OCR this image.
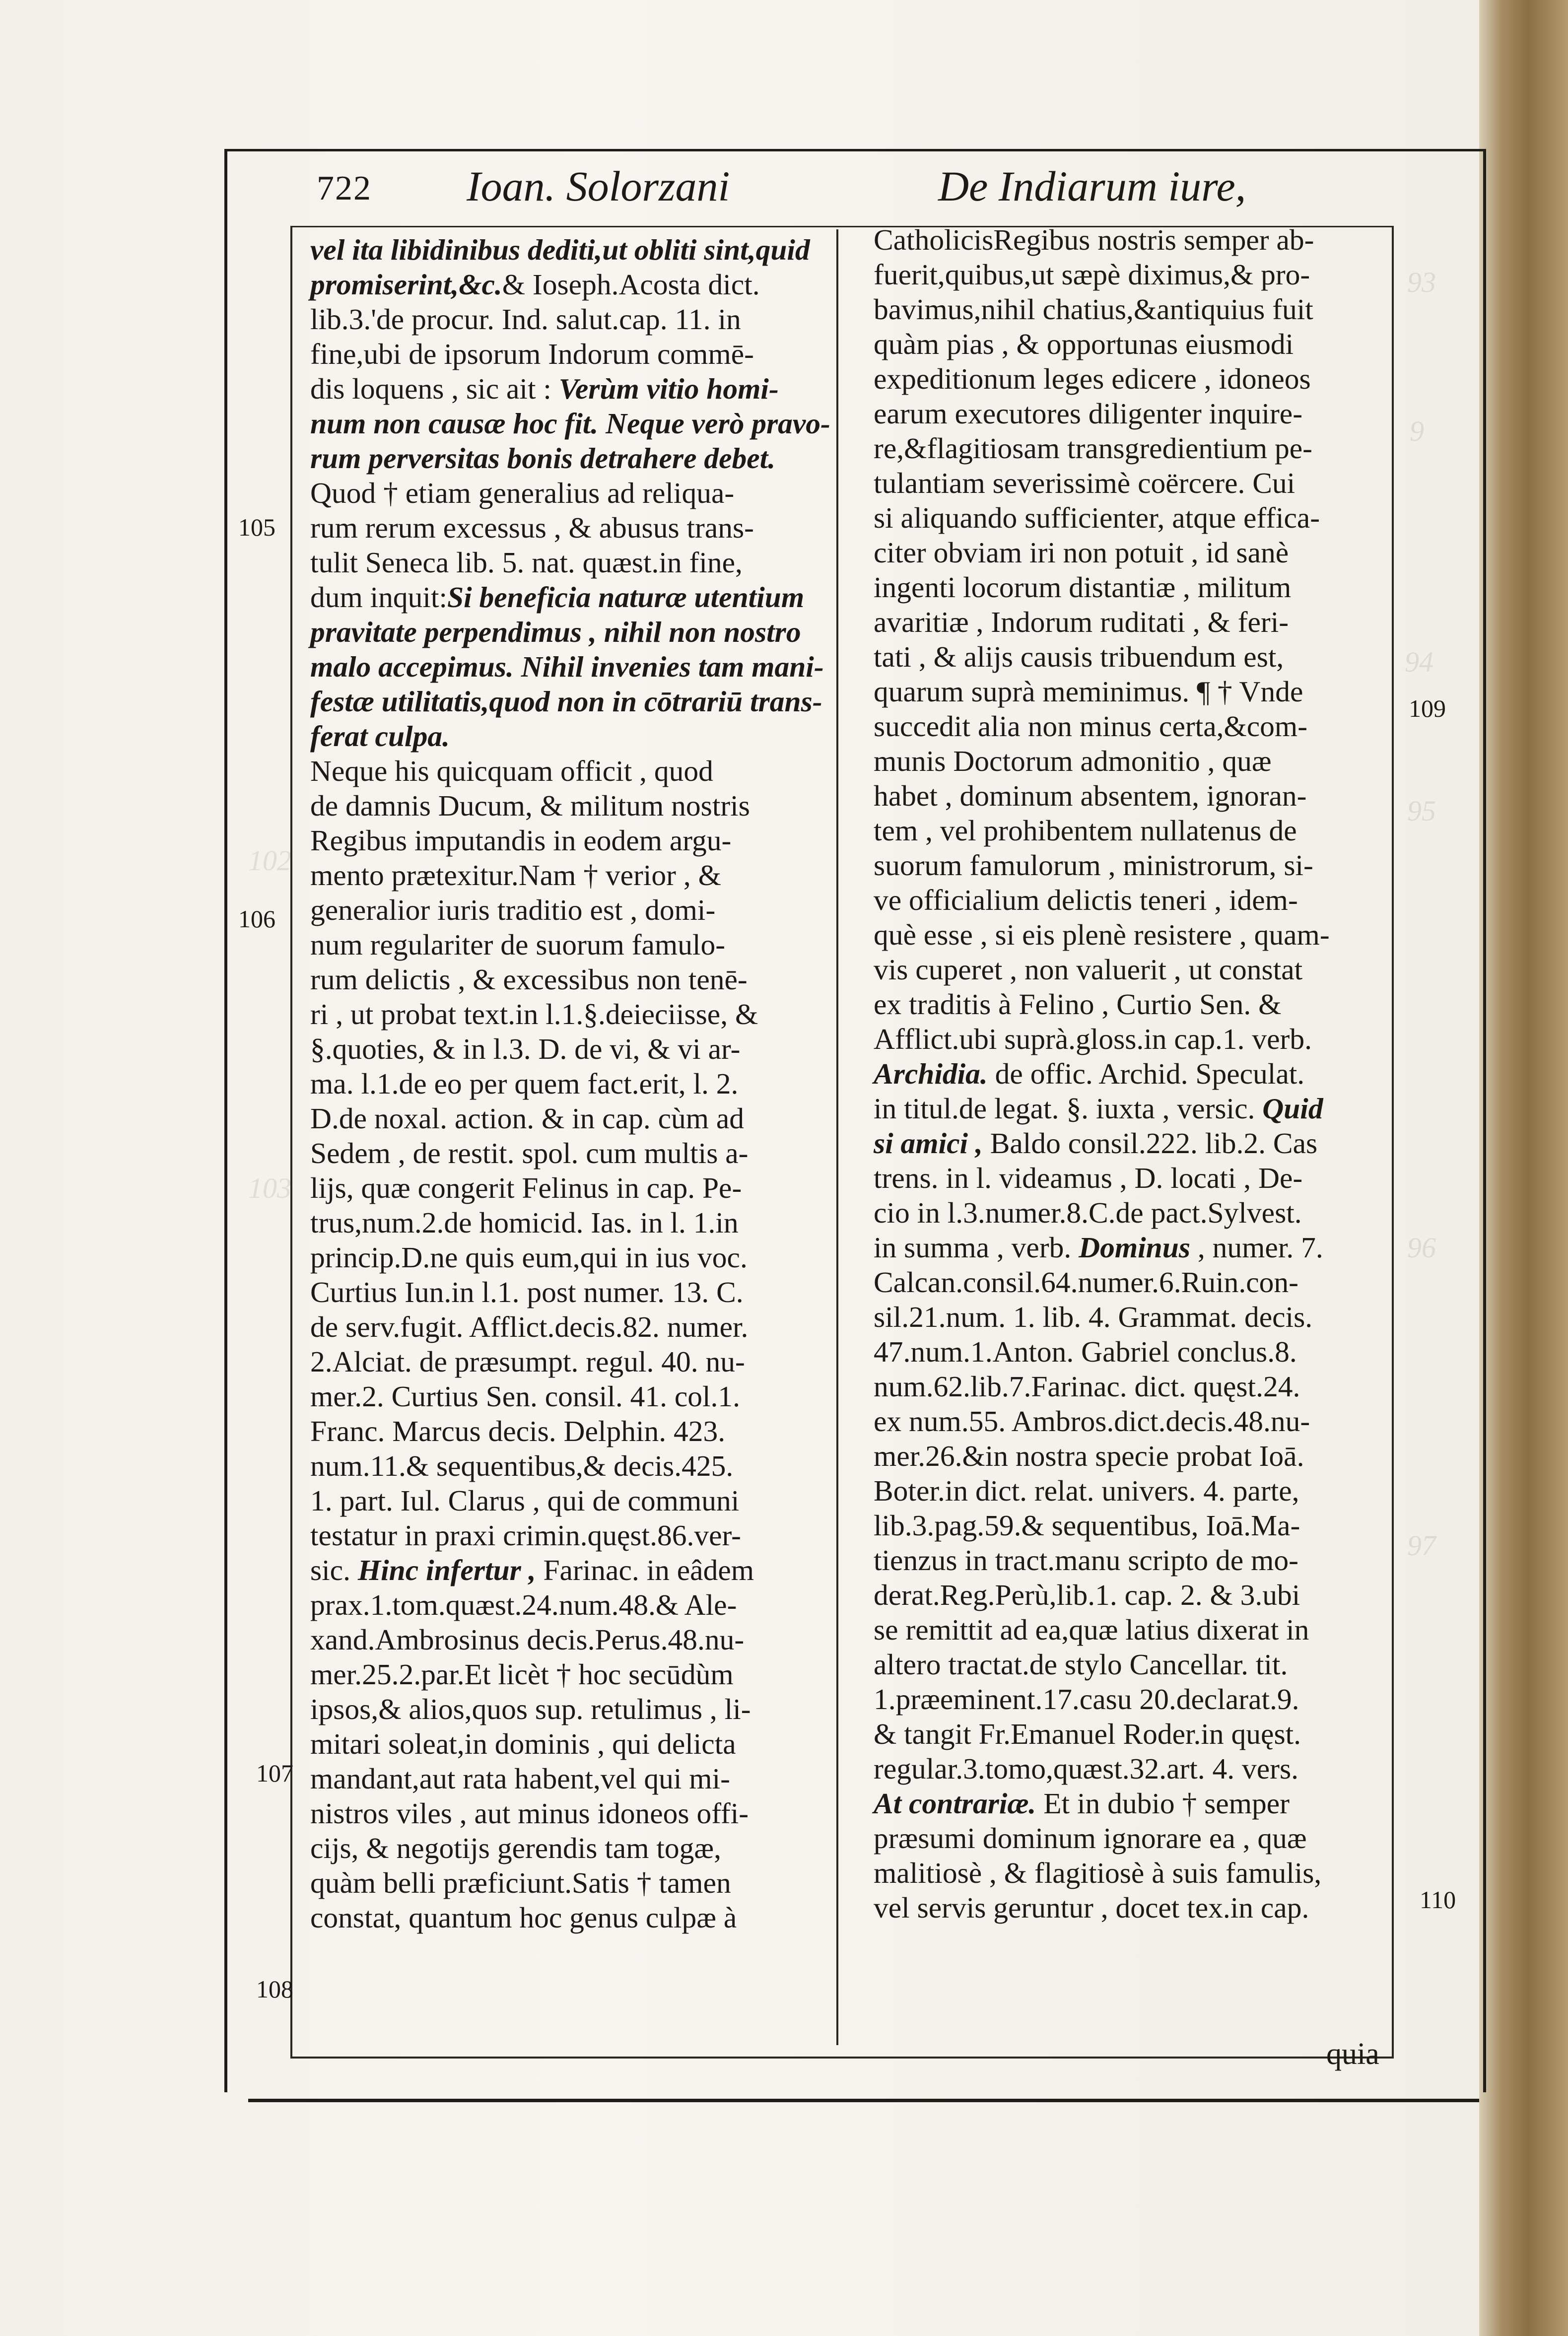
93
9
94
95
102
96
103
97
722 Ioan. Solorzani	De Indiarum iure,

vel ita libidinibus dediti,ut obliti sint,quid

promiserint,&c.& Ioseph.Acosta dict.

lib.3.'de procur. Ind. salut.cap. 11. in

fine,ubi de ipsorum Indorum commē-

dis loquens , sic ait : Verùm vitio homi-

num non causæ hoc fit. Neque verò pravo-

rum perversitas bonis detrahere debet.

Quod † etiam generalius ad reliqua-

rum rerum excessus , & abusus trans-

tulit Seneca lib. 5. nat. quæst.in fine,

dum inquit:Si beneficia naturæ utentium

pravitate perpendimus , nihil non nostro

malo accepimus. Nihil invenies tam mani-

festæ utilitatis,quod non in cōtrariū trans-

ferat culpa.

Neque his quicquam officit , quod

de damnis Ducum, & militum nostris

Regibus imputandis in eodem argu-

mento prætexitur.Nam † verior , &

generalior iuris traditio est , domi-

num regulariter de suorum famulo-

rum delictis , & excessibus non tenē-

ri , ut probat text.in l.1.§.deieciisse, &

§.quoties, & in l.3. D. de vi, & vi ar-

ma. l.1.de eo per quem fact.erit, l. 2.

D.de noxal. action. & in cap. cùm ad

Sedem , de restit. spol. cum multis a-

lijs, quæ congerit Felinus in cap. Pe-

trus,num.2.de homicid. Ias. in l. 1.in

princip.D.ne quis eum,qui in ius voc.

Curtius Iun.in l.1. post numer. 13. C.

de serv.fugit. Afflict.decis.82. numer.

2.Alciat. de præsumpt. regul. 40. nu-

mer.2. Curtius Sen. consil. 41. col.1.

Franc. Marcus decis. Delphin. 423.

num.11.& sequentibus,& decis.425.

1. part. Iul. Clarus , qui de communi

testatur in praxi crimin.quęst.86.ver-

sic. Hinc infertur , Farinac. in eâdem

prax.1.tom.quæst.24.num.48.& Ale-

xand.Ambrosinus decis.Perus.48.nu-

mer.25.2.par.Et licèt † hoc secūdùm

ipsos,& alios,quos sup. retulimus , li-

mitari soleat,in dominis , qui delicta

mandant,aut rata habent,vel qui mi-

nistros viles , aut minus idoneos offi-

cijs, & negotijs gerendis tam togæ,

quàm belli præficiunt.Satis † tamen

constat, quantum hoc genus culpæ à

CatholicisRegibus nostris semper ab-

fuerit,quibus,ut sæpè diximus,& pro-

bavimus,nihil chatius,&antiquius fuit

quàm pias , & opportunas eiusmodi

expeditionum leges edicere , idoneos

earum executores diligenter inquire-

re,&flagitiosam transgredientium pe-

tulantiam severissimè coërcere. Cui

si aliquando sufficienter, atque effica-

citer obviam iri non potuit , id sanè

ingenti locorum distantiæ , militum

avaritiæ , Indorum ruditati , & feri-

tati , & alijs causis tribuendum est,

quarum suprà meminimus. ¶ † Vnde

succedit alia non minus certa,&com-

munis Doctorum admonitio , quæ

habet , dominum absentem, ignoran-

tem , vel prohibentem nullatenus de

suorum famulorum , ministrorum, si-

ve officialium delictis teneri , idem-

què esse , si eis plenè resistere , quam-

vis cuperet , non valuerit , ut constat

ex traditis à Felino , Curtio Sen. &

Afflict.ubi suprà.gloss.in cap.1. verb.

Archidia. de offic. Archid. Speculat.

in titul.de legat. §. iuxta , versic. Quid

si amici , Baldo consil.222. lib.2. Cas

trens. in l. videamus , D. locati , De-

cio in l.3.numer.8.C.de pact.Sylvest.

in summa , verb. Dominus , numer. 7.

Calcan.consil.64.numer.6.Ruin.con-

sil.21.num. 1. lib. 4. Grammat. decis.

47.num.1.Anton. Gabriel conclus.8.

num.62.lib.7.Farinac. dict. quęst.24.

ex num.55. Ambros.dict.decis.48.nu-

mer.26.&in nostra specie probat Ioā.

Boter.in dict. relat. univers. 4. parte,

lib.3.pag.59.& sequentibus, Ioā.Ma-

tienzus in tract.manu scripto de mo-

derat.Reg.Perù,lib.1. cap. 2. & 3.ubi

se remittit ad ea,quæ latius dixerat in

altero tractat.de stylo Cancellar. tit.

1.præeminent.17.casu 20.declarat.9.

& tangit Fr.Emanuel Roder.in quęst.

regular.3.tomo,quæst.32.art. 4. vers.

At contrariæ. Et in dubio † semper

præsumi dominum ignorare ea , quæ

malitiosè , & flagitiosè à suis famulis,

vel servis geruntur , docet tex.in cap.

105
106
107
108
109
110
quia
